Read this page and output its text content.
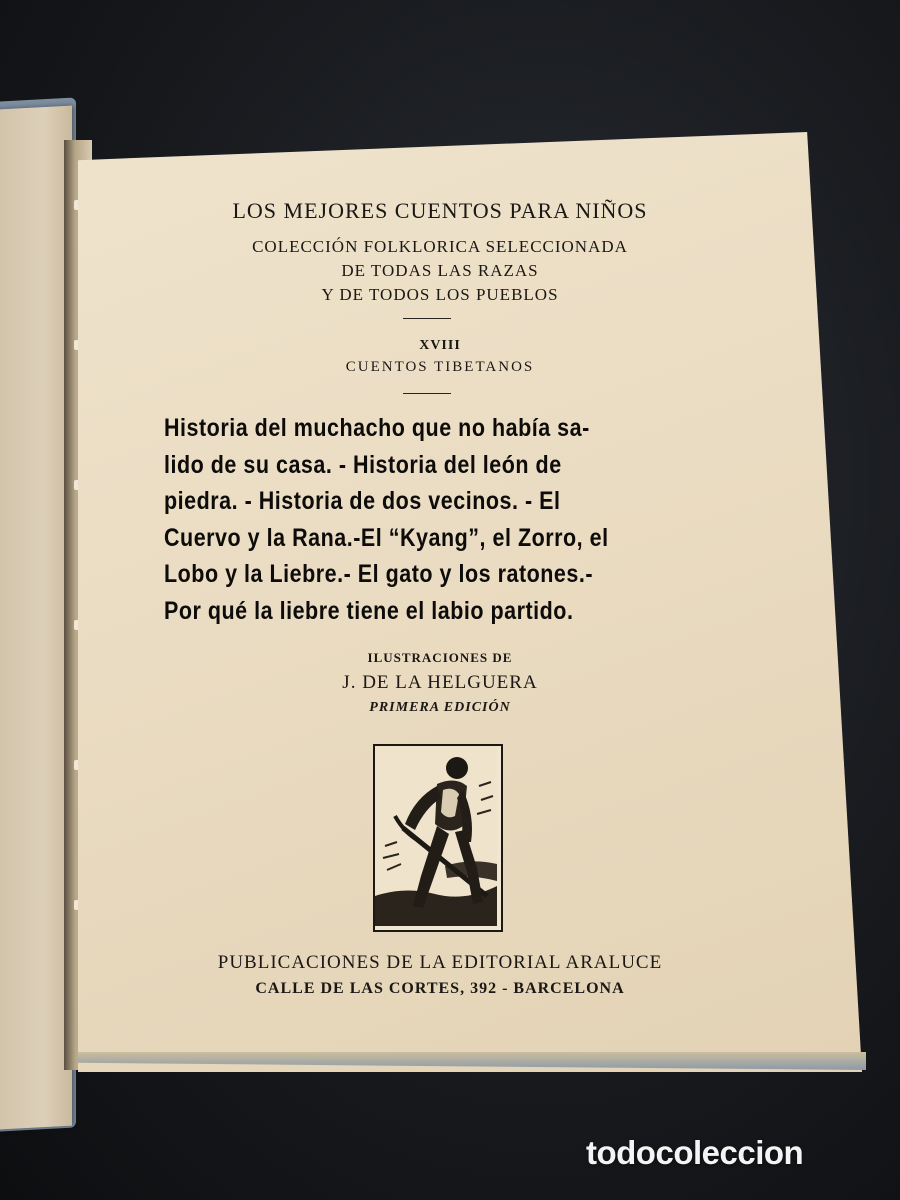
LOS MEJORES CUENTOS PARA NIÑOS
COLECCIÓN FOLKLORICA SELECCIONADA
DE TODAS LAS RAZAS
Y DE TODOS LOS PUEBLOS
XVIII
CUENTOS TIBETANOS
Historia del muchacho que no había sa-
lido de su casa. - Historia del león de
piedra. - Historia de dos vecinos. - El
Cuervo y la Rana.-El “Kyang”, el Zorro, el
Lobo y la Liebre.- El gato y los ratones.-
Por qué la liebre tiene el labio partido.
ILUSTRACIONES DE
J. DE LA HELGUERA
PRIMERA EDICIÓN
PUBLICACIONES DE LA EDITORIAL ARALUCE
CALLE DE LAS CORTES, 392 - BARCELONA
todocoleccion
